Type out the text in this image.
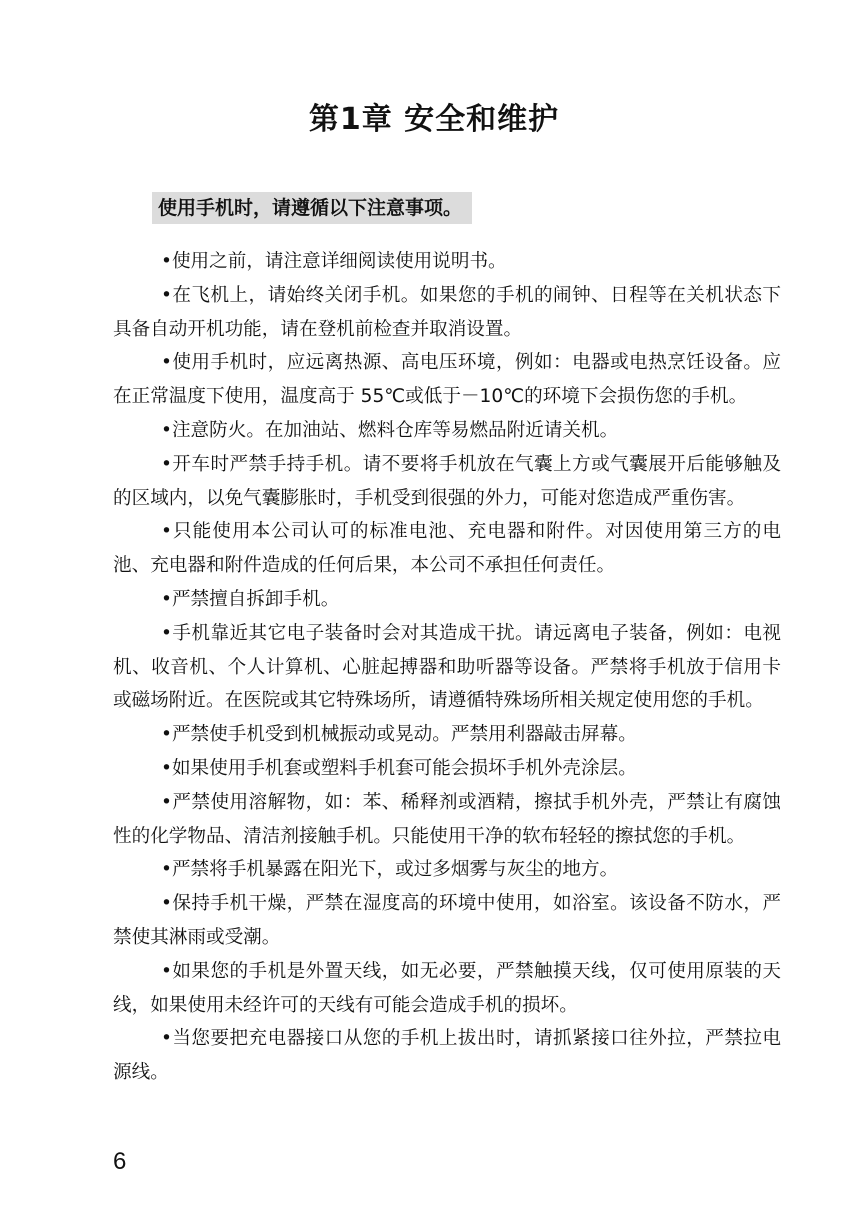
第1章 安全和维护
使用手机时，请遵循以下注意事项。

•使用之前，请注意详细阅读使用说明书。

•在飞机上，请始终关闭手机。如果您的手机的闹钟、日程等在关机状态下具备自动开机功能，请在登机前检查并取消设置。

•使用手机时，应远离热源、高电压环境，例如：电器或电热烹饪设备。应在正常温度下使用，温度高于 55℃或低于－10℃的环境下会损伤您的手机。

•注意防火。在加油站、燃料仓库等易燃品附近请关机。

•开车时严禁手持手机。请不要将手机放在气囊上方或气囊展开后能够触及的区域内，以免气囊膨胀时，手机受到很强的外力，可能对您造成严重伤害。

•只能使用本公司认可的标准电池、充电器和附件。对因使用第三方的电池、充电器和附件造成的任何后果，本公司不承担任何责任。

•严禁擅自拆卸手机。

•手机靠近其它电子装备时会对其造成干扰。请远离电子装备，例如：电视机、收音机、个人计算机、心脏起搏器和助听器等设备。严禁将手机放于信用卡或磁场附近。在医院或其它特殊场所，请遵循特殊场所相关规定使用您的手机。

•严禁使手机受到机械振动或晃动。严禁用利器敲击屏幕。

•如果使用手机套或塑料手机套可能会损坏手机外壳涂层。

•严禁使用溶解物，如：苯、稀释剂或酒精，擦拭手机外壳，严禁让有腐蚀性的化学物品、清洁剂接触手机。只能使用干净的软布轻轻的擦拭您的手机。

•严禁将手机暴露在阳光下，或过多烟雾与灰尘的地方。

•保持手机干燥，严禁在湿度高的环境中使用，如浴室。该设备不防水，严禁使其淋雨或受潮。

•如果您的手机是外置天线，如无必要，严禁触摸天线，仅可使用原装的天线，如果使用未经许可的天线有可能会造成手机的损坏。

•当您要把充电器接口从您的手机上拔出时，请抓紧接口往外拉，严禁拉电源线。

6
